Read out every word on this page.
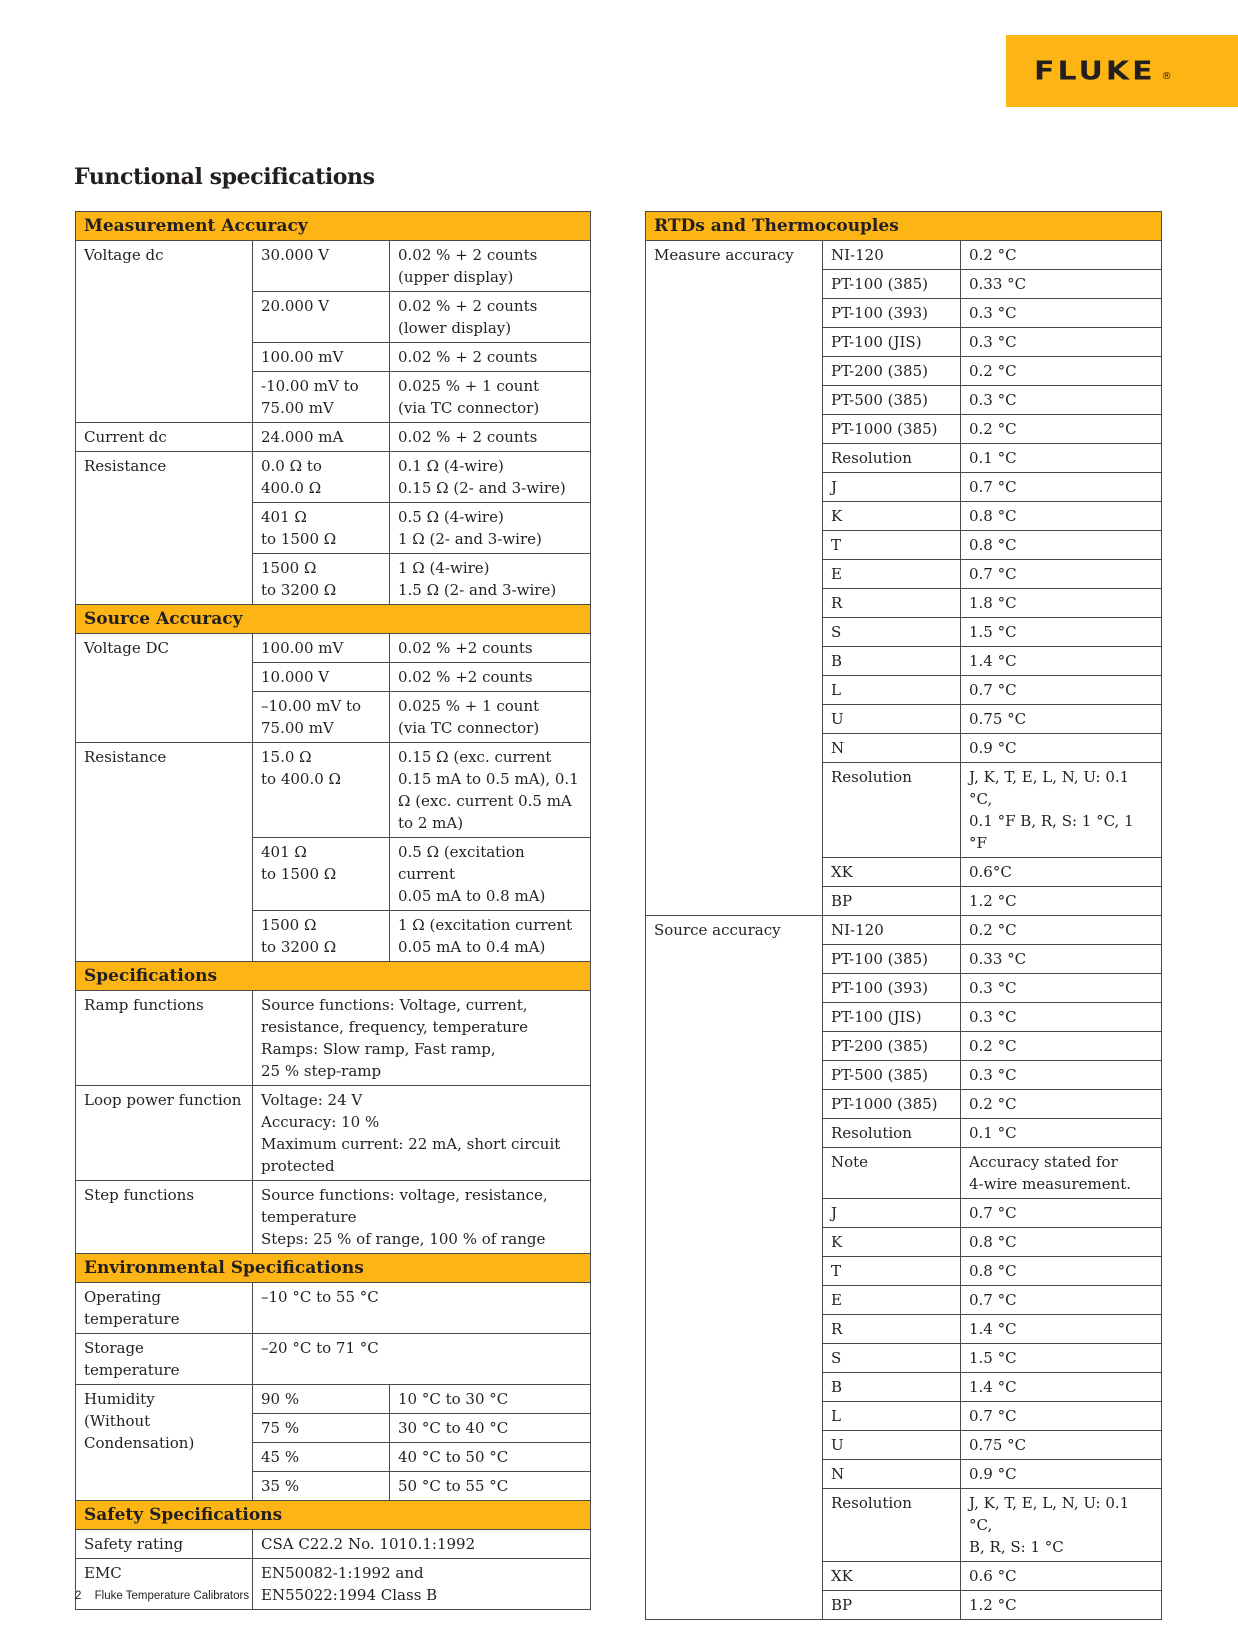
FLUKE ®
Functional specifications
Measurement Accuracy		
Voltage dc	30.000 V	0.02 % + 2 counts
(upper display)
	20.000 V	0.02 % + 2 counts
(lower display)
	100.00 mV	0.02 % + 2 counts
	-10.00 mV to
75.00 mV	0.025 % + 1 count
(via TC connector)
Current dc	24.000 mA	0.02 % + 2 counts
Resistance	0.0 Ω to
400.0 Ω	0.1 Ω (4-wire)
0.15 Ω (2- and 3-wire)
	401 Ω
to 1500 Ω	0.5 Ω (4-wire)
1 Ω (2- and 3-wire)
	1500 Ω
to 3200 Ω	1 Ω (4-wire)
1.5 Ω (2- and 3-wire)
Source Accuracy		
Voltage DC	100.00 mV	0.02 % +2 counts
	10.000 V	0.02 % +2 counts
	–10.00 mV to
75.00 mV	0.025 % + 1 count
(via TC connector)
Resistance	15.0 Ω
to 400.0 Ω	0.15 Ω (exc. current
0.15 mA to 0.5 mA), 0.1
Ω (exc. current 0.5 mA
to 2 mA)
	401 Ω
to 1500 Ω	0.5 Ω (excitation current
0.05 mA to 0.8 mA)
	1500 Ω
to 3200 Ω	1 Ω (excitation current
0.05 mA to 0.4 mA)
Specifications		
Ramp functions	Source functions: Voltage, current,
resistance, frequency, temperature
Ramps: Slow ramp, Fast ramp,
25 % step-ramp	
Loop power function	Voltage: 24 V
Accuracy: 10 %
Maximum current: 22 mA, short circuit
protected	
Step functions	Source functions: voltage, resistance,
temperature
Steps: 25 % of range, 100 % of range	
Environmental Specifications		
Operating
temperature	–10 °C to 55 °C	
Storage temperature	–20 °C to 71 °C	
Humidity
(Without
Condensation)	90 %	10 °C to 30 °C
	75 %	30 °C to 40 °C
	45 %	40 °C to 50 °C
	35 %	50 °C to 55 °C
Safety Specifications		
Safety rating	CSA C22.2 No. 1010.1:1992	
EMC	EN50082-1:1992 and
EN55022:1994 Class B	
RTDs and Thermocouples		
Measure accuracy	NI-120	0.2 °C
	PT-100 (385)	0.33 °C
	PT-100 (393)	0.3 °C
	PT-100 (JIS)	0.3 °C
	PT-200 (385)	0.2 °C
	PT-500 (385)	0.3 °C
	PT-1000 (385)	0.2 °C
	Resolution	0.1 °C
	J	0.7 °C
	K	0.8 °C
	T	0.8 °C
	E	0.7 °C
	R	1.8 °C
	S	1.5 °C
	B	1.4 °C
	L	0.7 °C
	U	0.75 °C
	N	0.9 °C
	Resolution	J, K, T, E, L, N, U: 0.1 °C,
0.1 °F B, R, S: 1 °C, 1 °F
	XK	0.6°C
	BP	1.2 °C
Source accuracy	NI-120	0.2 °C
	PT-100 (385)	0.33 °C
	PT-100 (393)	0.3 °C
	PT-100 (JIS)	0.3 °C
	PT-200 (385)	0.2 °C
	PT-500 (385)	0.3 °C
	PT-1000 (385)	0.2 °C
	Resolution	0.1 °C
	Note	Accuracy stated for
4-wire measurement.
	J	0.7 °C
	K	0.8 °C
	T	0.8 °C
	E	0.7 °C
	R	1.4 °C
	S	1.5 °C
	B	1.4 °C
	L	0.7 °C
	U	0.75 °C
	N	0.9 °C
	Resolution	J, K, T, E, L, N, U: 0.1 °C,
B, R, S: 1 °C
	XK	0.6 °C
	BP	1.2 °C
2 Fluke Temperature Calibrators
